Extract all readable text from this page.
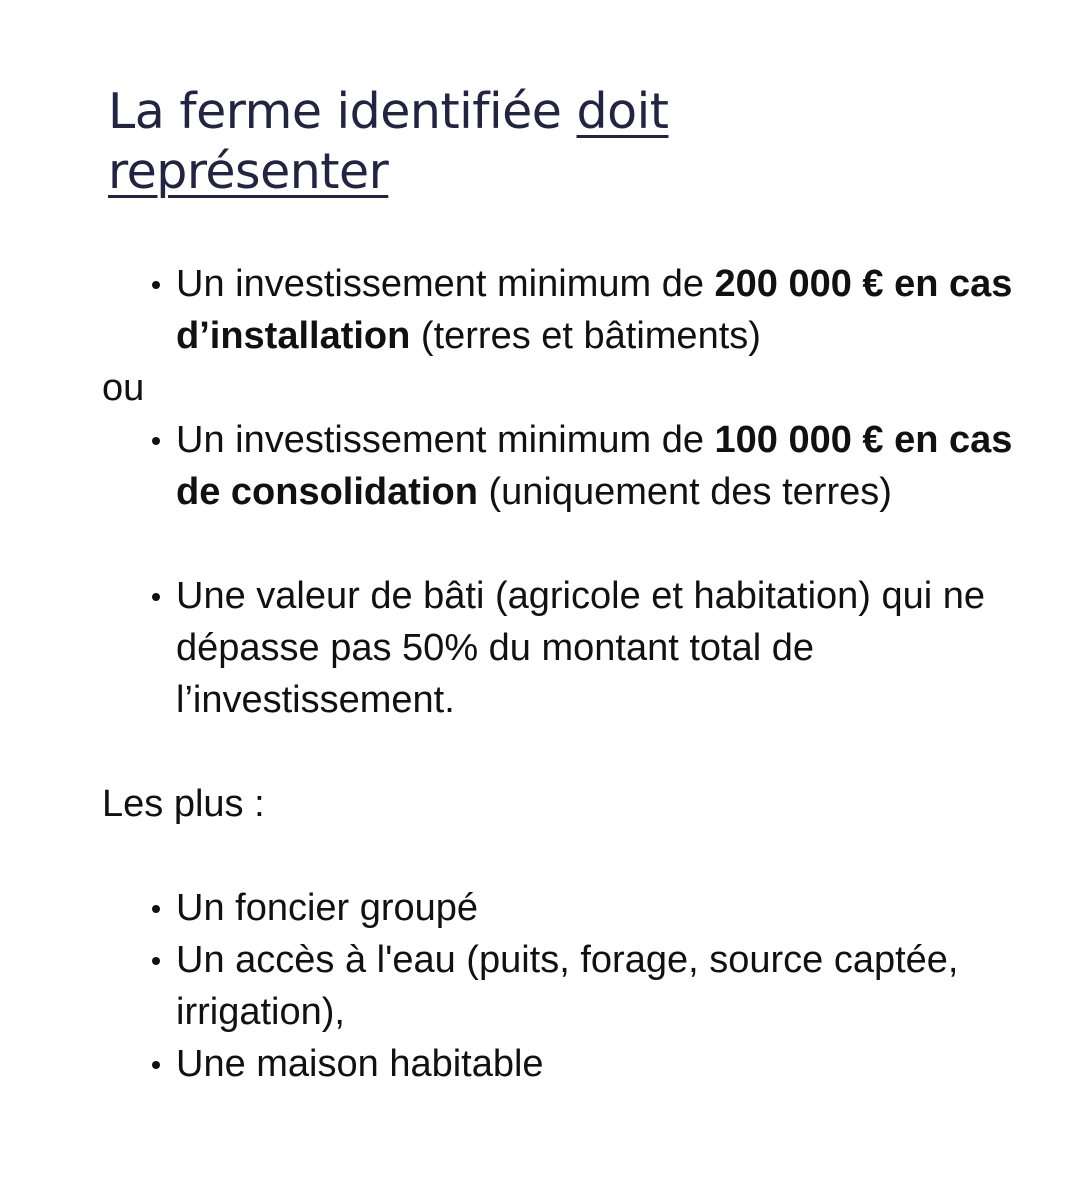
La ferme identifiée doit représenter
Un investissement minimum de 200 000 € en cas d’installation (terres et bâtiments)
ou
Un investissement minimum de 100 000 € en cas de consolidation (uniquement des terres)
Une valeur de bâti (agricole et habitation) qui ne dépasse pas 50% du montant total de l’investissement.
Les plus :
Un foncier groupé
Un accès à l'eau (puits, forage, source captée, irrigation),
Une maison habitable
